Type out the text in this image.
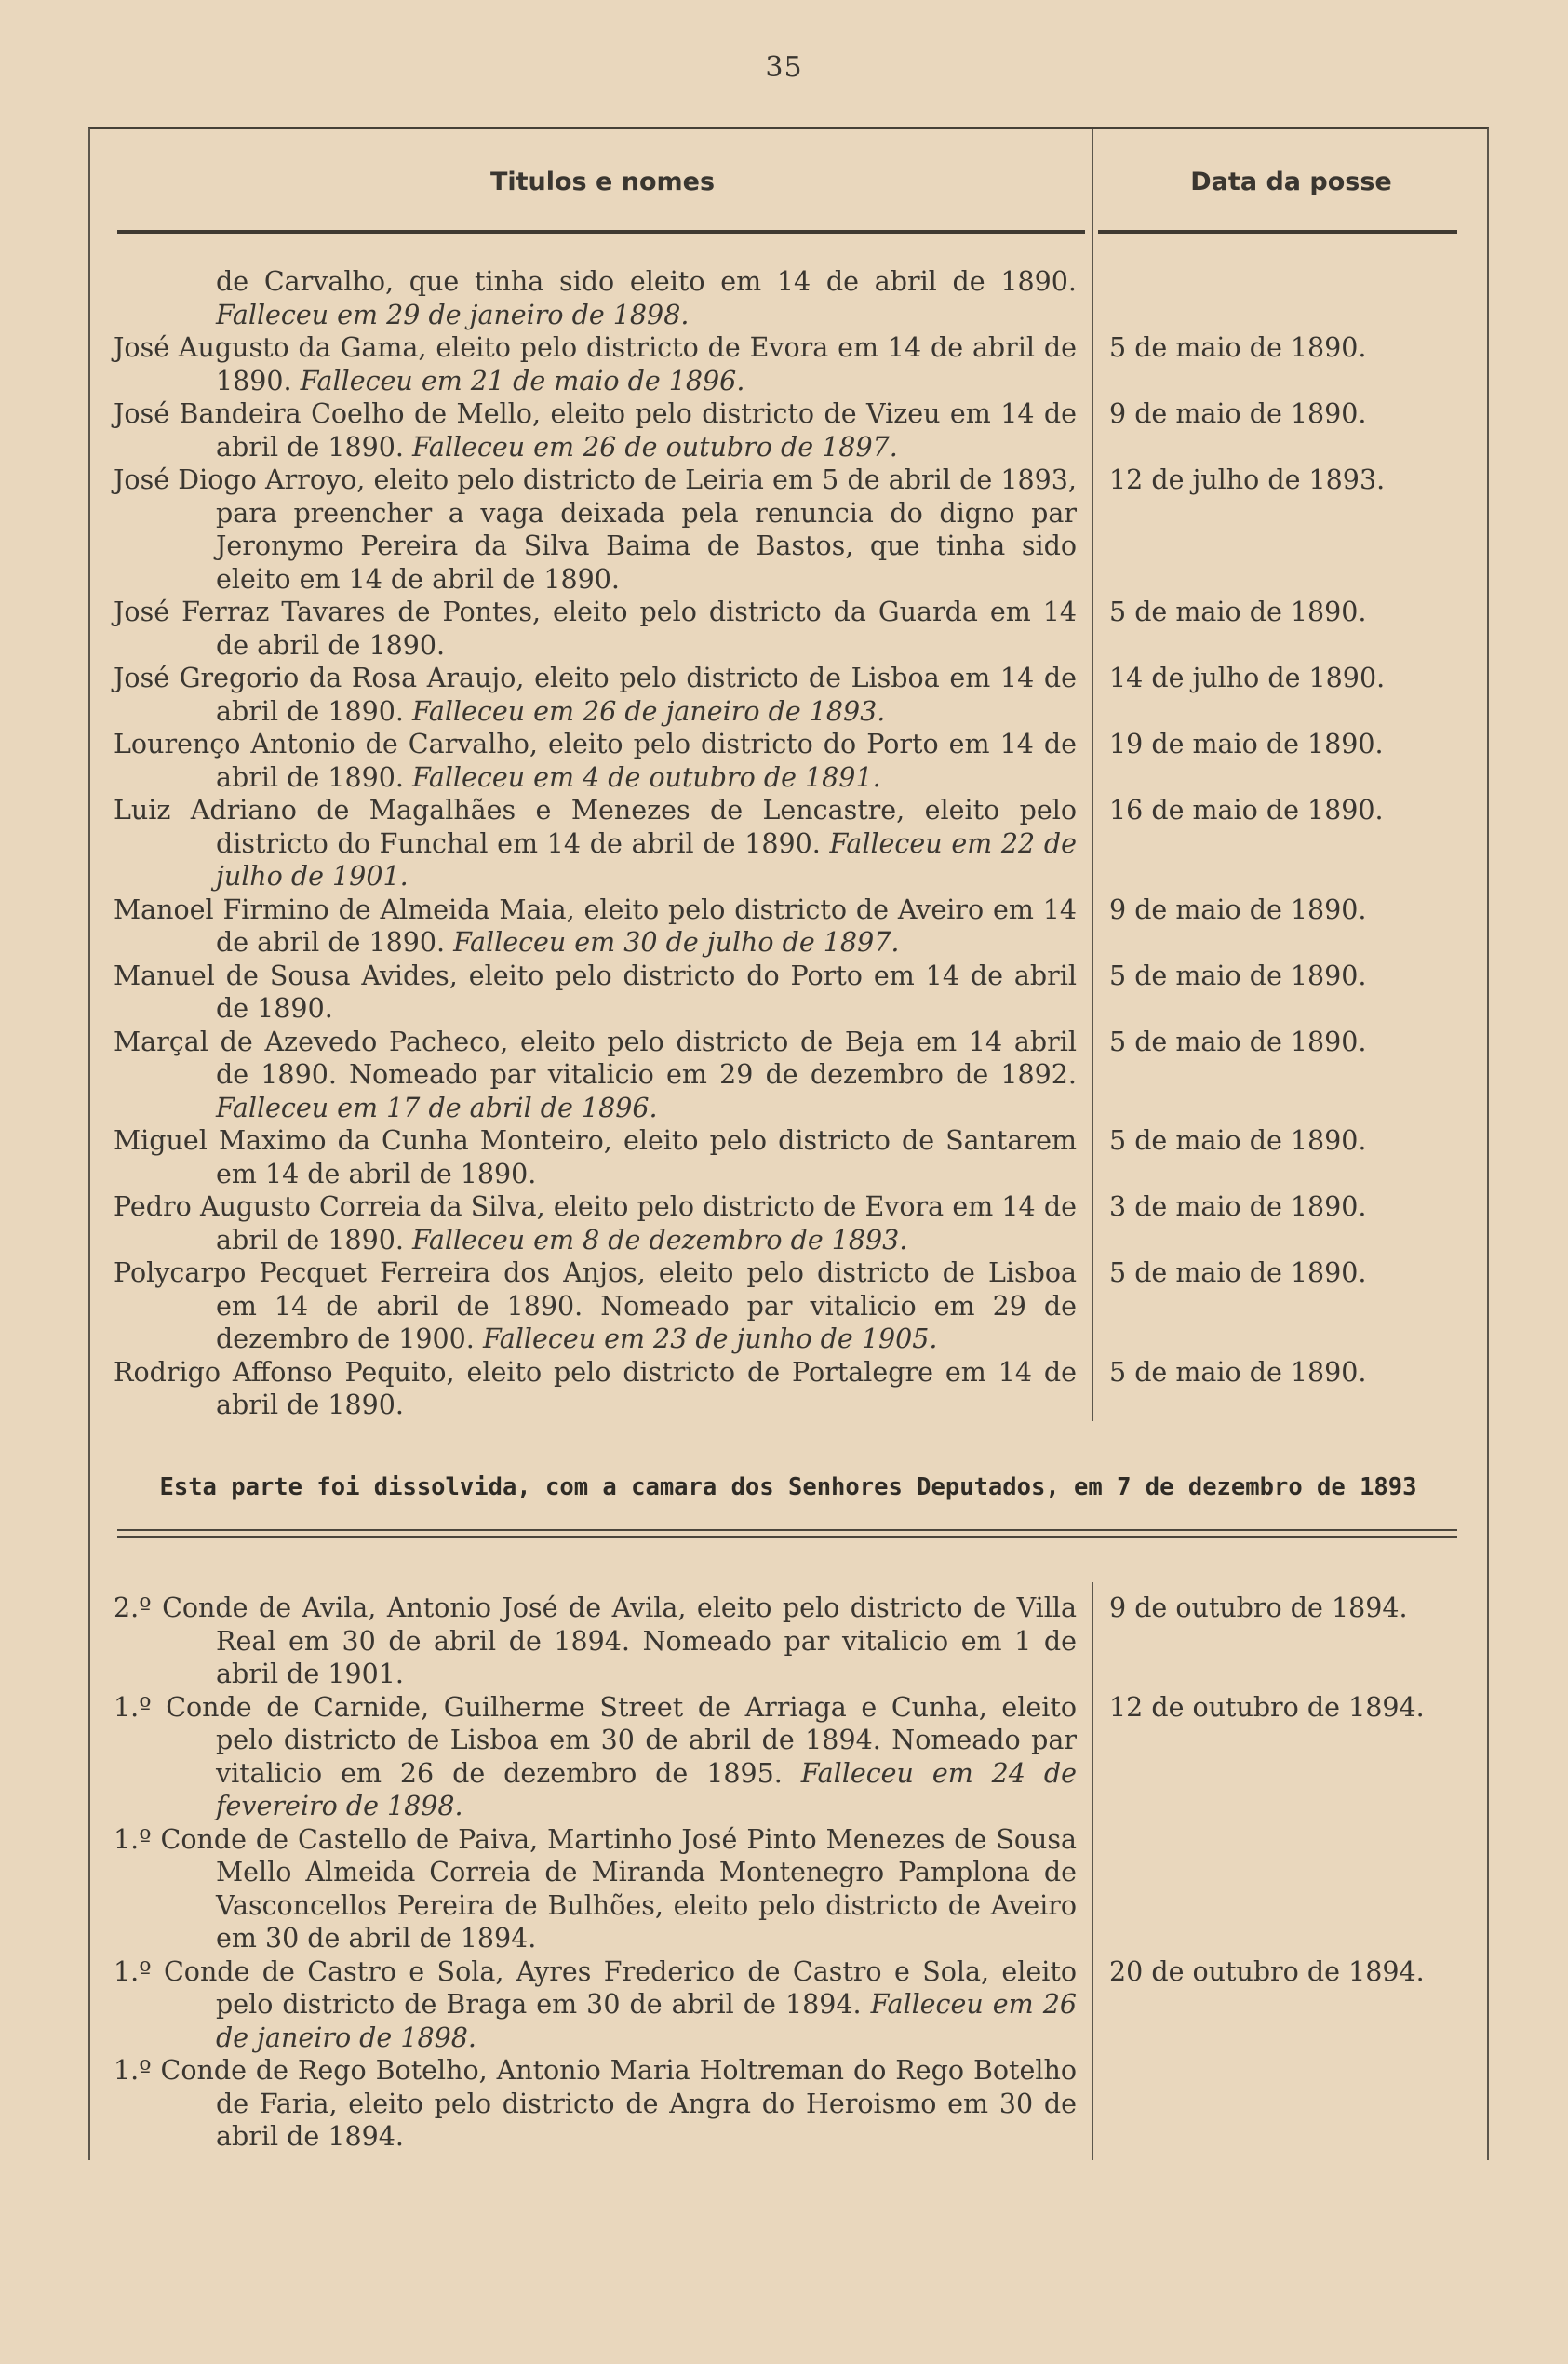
35
Titulos e nomes	Data da posse
de Carvalho, que tinha sido eleito em 14 de abril de 1890. Falleceu em 29 de janeiro de 1898.
José Augusto da Gama, eleito pelo districto de Evora em 14 de abril de 1890. Falleceu em 21 de maio de 1896.
5 de maio de 1890.
José Bandeira Coelho de Mello, eleito pelo districto de Vizeu em 14 de abril de 1890. Falleceu em 26 de outubro de 1897.
9 de maio de 1890.
José Diogo Arroyo, eleito pelo districto de Leiria em 5 de abril de 1893, para preencher a vaga deixada pela renuncia do digno par Jeronymo Pereira da Silva Baima de Bastos, que tinha sido eleito em 14 de abril de 1890.
12 de julho de 1893.
José Ferraz Tavares de Pontes, eleito pelo districto da Guarda em 14 de abril de 1890.
5 de maio de 1890.
José Gregorio da Rosa Araujo, eleito pelo districto de Lisboa em 14 de abril de 1890. Falleceu em 26 de janeiro de 1893.
14 de julho de 1890.
Lourenço Antonio de Carvalho, eleito pelo districto do Porto em 14 de abril de 1890. Falleceu em 4 de outubro de 1891.
19 de maio de 1890.
Luiz Adriano de Magalhães e Menezes de Lencastre, eleito pelo districto do Funchal em 14 de abril de 1890. Falleceu em 22 de julho de 1901.
16 de maio de 1890.
Manoel Firmino de Almeida Maia, eleito pelo districto de Aveiro em 14 de abril de 1890. Falleceu em 30 de julho de 1897.
9 de maio de 1890.
Manuel de Sousa Avides, eleito pelo districto do Porto em 14 de abril de 1890.
5 de maio de 1890.
Marçal de Azevedo Pacheco, eleito pelo districto de Beja em 14 abril de 1890. Nomeado par vitalicio em 29 de dezembro de 1892. Falleceu em 17 de abril de 1896.
5 de maio de 1890.
Miguel Maximo da Cunha Monteiro, eleito pelo districto de Santarem em 14 de abril de 1890.
5 de maio de 1890.
Pedro Augusto Correia da Silva, eleito pelo districto de Evora em 14 de abril de 1890. Falleceu em 8 de dezembro de 1893.
3 de maio de 1890.
Polycarpo Pecquet Ferreira dos Anjos, eleito pelo districto de Lisboa em 14 de abril de 1890. Nomeado par vitalicio em 29 de dezembro de 1900. Falleceu em 23 de junho de 1905.
5 de maio de 1890.
Rodrigo Affonso Pequito, eleito pelo districto de Portalegre em 14 de abril de 1890.
5 de maio de 1890.
Esta parte foi dissolvida, com a camara dos Senhores Deputados, em 7 de dezembro de 1893
2.º Conde de Avila, Antonio José de Avila, eleito pelo districto de Villa Real em 30 de abril de 1894. Nomeado par vitalicio em 1 de abril de 1901.
9 de outubro de 1894.
1.º Conde de Carnide, Guilherme Street de Arriaga e Cunha, eleito pelo districto de Lisboa em 30 de abril de 1894. Nomeado par vitalicio em 26 de dezembro de 1895. Falleceu em 24 de fevereiro de 1898.
12 de outubro de 1894.
1.º Conde de Castello de Paiva, Martinho José Pinto Menezes de Sousa Mello Almeida Correia de Miranda Montenegro Pamplona de Vasconcellos Pereira de Bulhões, eleito pelo districto de Aveiro em 30 de abril de 1894.
1.º Conde de Castro e Sola, Ayres Frederico de Castro e Sola, eleito pelo districto de Braga em 30 de abril de 1894. Falleceu em 26 de janeiro de 1898.
20 de outubro de 1894.
1.º Conde de Rego Botelho, Antonio Maria Holtreman do Rego Botelho de Faria, eleito pelo districto de Angra do Heroismo em 30 de abril de 1894.
